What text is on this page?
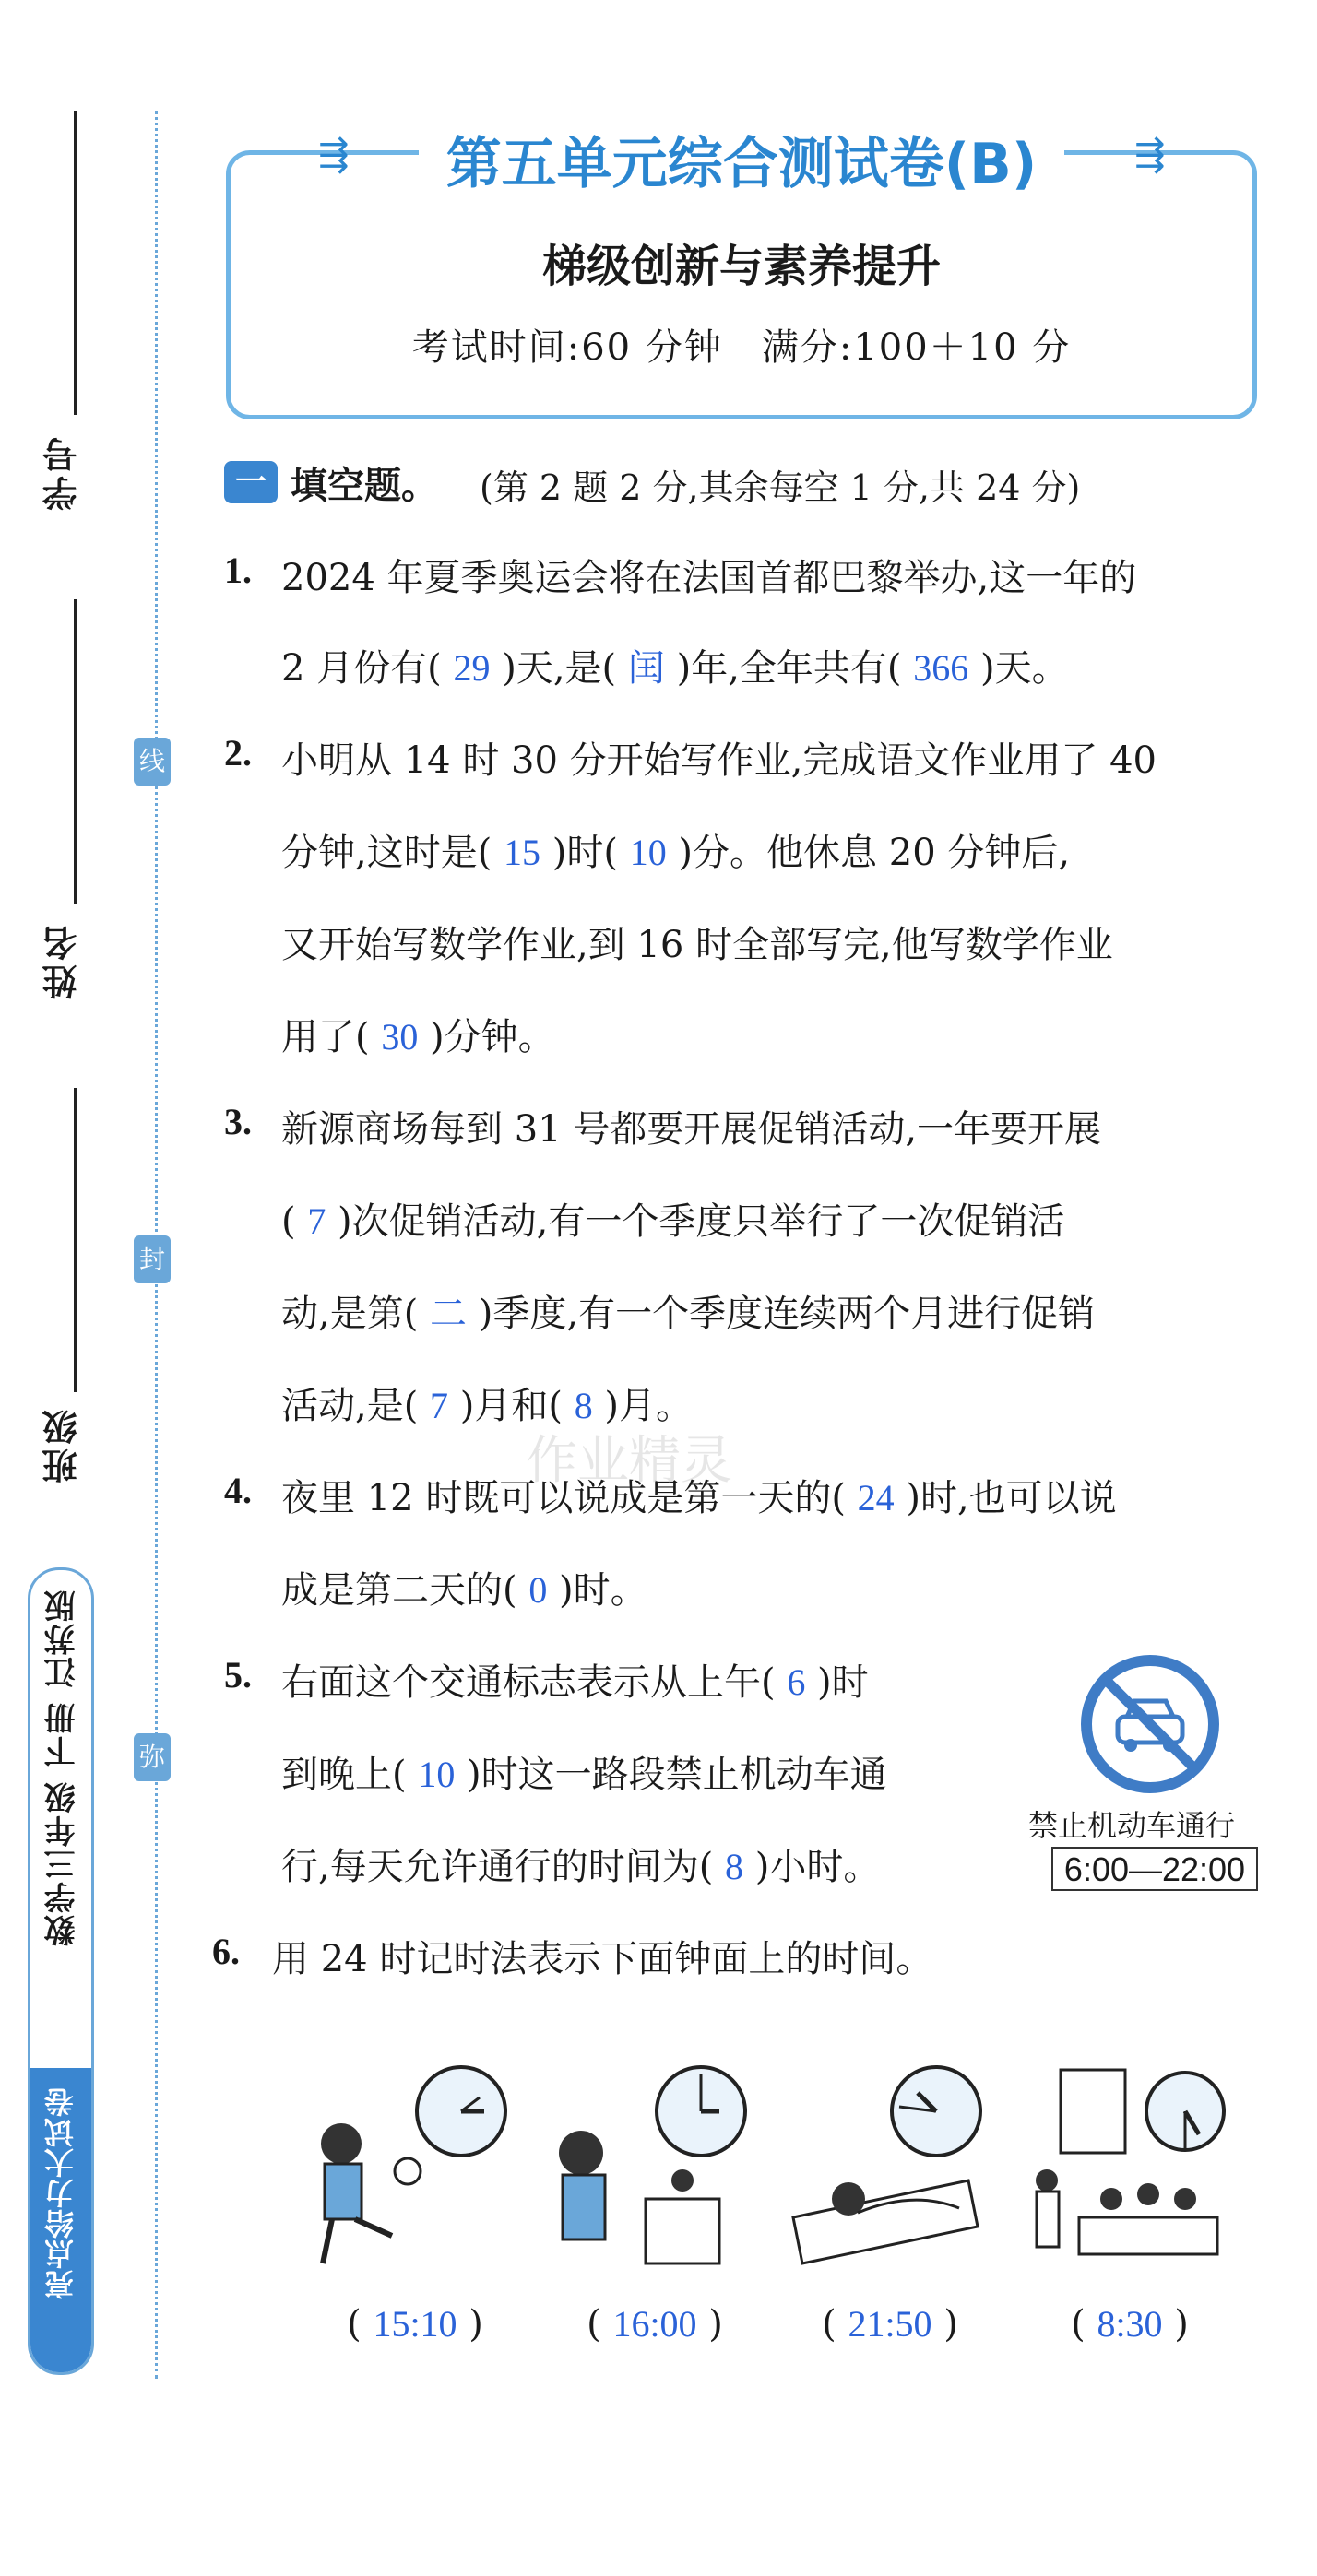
学号
姓名
班级
线
封
弥
数学三年级 下册 江苏版
亮点给力大试卷
第五单元综合测试卷(B)
⇶	⇶
梯级创新与素养提升
考试时间:60 分钟　满分:100＋10 分
一 填空题。 (第 2 题 2 分,其余每空 1 分,共 24 分)
1. 2024 年夏季奥运会将在法国首都巴黎举办,这一年的
2 月份有( 29 )天,是( 闰 )年,全年共有( 366 )天。
2. 小明从 14 时 30 分开始写作业,完成语文作业用了 40
分钟,这时是( 15 )时( 10 )分。他休息 20 分钟后,
又开始写数学作业,到 16 时全部写完,他写数学作业
用了( 30 )分钟。
3. 新源商场每到 31 号都要开展促销活动,一年要开展
( 7 )次促销活动,有一个季度只举行了一次促销活
动,是第( 二 )季度,有一个季度连续两个月进行促销
活动,是( 7 )月和( 8 )月。
4. 夜里 12 时既可以说成是第一天的( 24 )时,也可以说
成是第二天的( 0 )时。
5. 右面这个交通标志表示从上午( 6 )时
到晚上( 10 )时这一路段禁止机动车通
行,每天允许通行的时间为( 8 )小时。
禁止机动车通行
6:00—22:00
6. 用 24 时记时法表示下面钟面上的时间。
( 15:10 )	( 16:00 )	( 21:50 )	( 8:30 )
作业精灵
